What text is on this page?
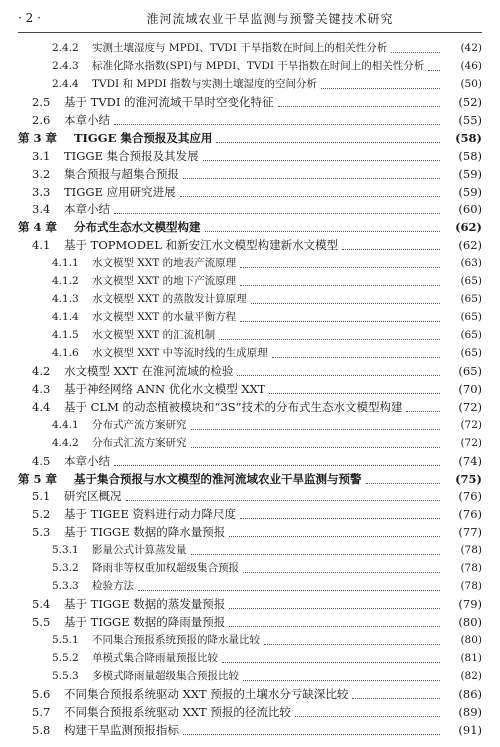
· 2 ·	淮河流域农业干旱监测与预警关键技术研究
2.4.2	实测土壤湿度与 MPDI、TVDI 干旱指数在时间上的相关性分析	(42)
2.4.3	标准化降水指数(SPI)与 MPDI、TVDI 干旱指数在时间上的相关性分析	(46)
2.4.4	TVDI 和 MPDI 指数与实测土壤湿度的空间分析	(50)
2.5	基于 TVDI 的淮河流域干旱时空变化特征	(52)
2.6	本章小结	(55)
第 3 章	TIGGE 集合预报及其应用	(58)
3.1	TIGGE 集合预报及其发展	(58)
3.2	集合预报与超集合预报	(59)
3.3	TIGGE 应用研究进展	(59)
3.4	本章小结	(60)
第 4 章	分布式生态水文模型构建	(62)
4.1	基于 TOPMODEL 和新安江水文模型构建新水文模型	(62)
4.1.1	水文模型 XXT 的地表产流原理	(63)
4.1.2	水文模型 XXT 的地下产流原理	(65)
4.1.3	水文模型 XXT 的蒸散发计算原理	(65)
4.1.4	水文模型 XXT 的水量平衡方程	(65)
4.1.5	水文模型 XXT 的汇流机制	(65)
4.1.6	水文模型 XXT 中等流时线的生成原理	(65)
4.2	水文模型 XXT 在淮河流域的检验	(65)
4.3	基于神经网络 ANN 优化水文模型 XXT	(70)
4.4	基于 CLM 的动态植被模块和“3S”技术的分布式生态水文模型构建	(72)
4.4.1	分布式产流方案研究	(72)
4.4.2	分布式汇流方案研究	(72)
4.5	本章小结	(74)
第 5 章	基于集合预报与水文模型的淮河流域农业干旱监测与预警	(75)
5.1	研究区概况	(76)
5.2	基于 TIGEE 资料进行动力降尺度	(76)
5.3	基于 TIGGE 数据的降水量预报	(77)
5.3.1	影量公式计算蒸发量	(78)
5.3.2	降雨非等权重加权超级集合预报	(78)
5.3.3	检验方法	(78)
5.4	基于 TIGGE 数据的蒸发量预报	(79)
5.5	基于 TIGGE 数据的降雨量预报	(80)
5.5.1	不同集合预报系统预报的降水量比较	(80)
5.5.2	单模式集合降雨量预报比较	(81)
5.5.3	多模式降雨量超级集合预报比较	(82)
5.6	不同集合预报系统驱动 XXT 预报的土壤水分亏缺深比较	(86)
5.7	不同集合预报系统驱动 XXT 预报的径流比较	(89)
5.8	构建干旱监测预报指标	(91)
